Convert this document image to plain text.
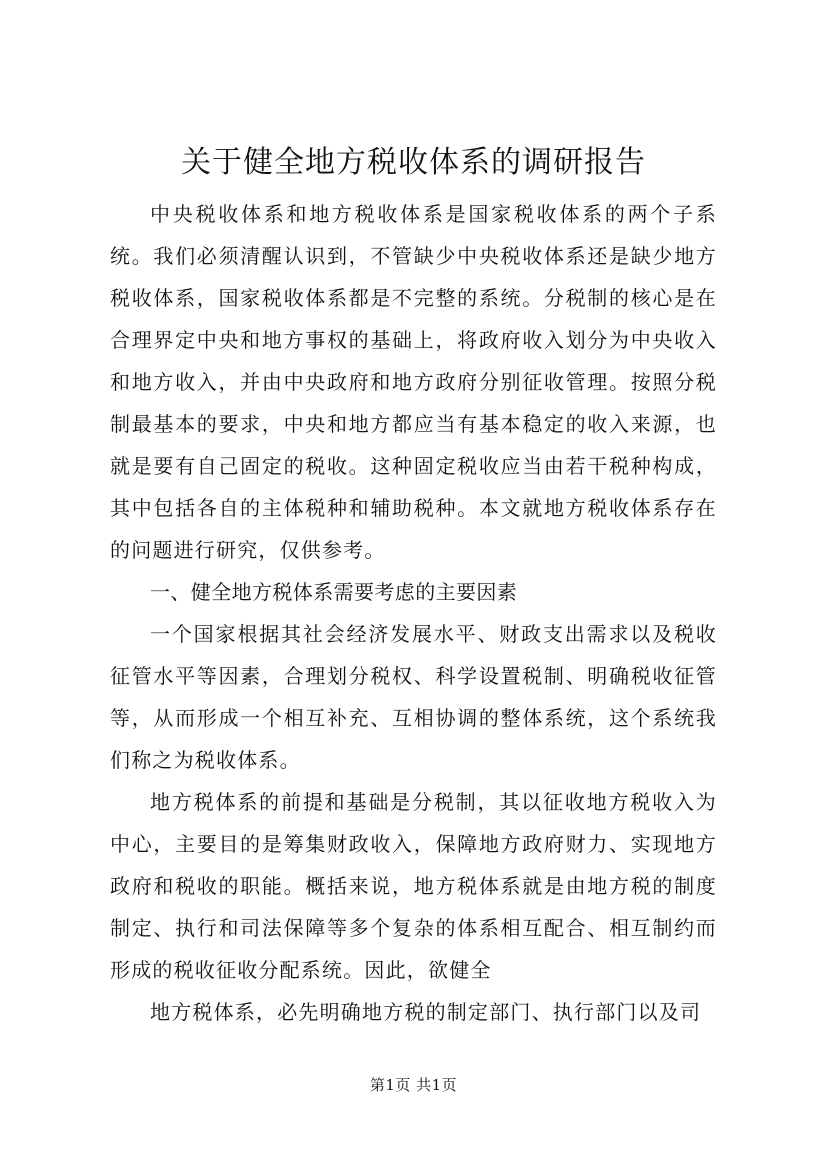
关于健全地方税收体系的调研报告

中央税收体系和地方税收体系是国家税收体系的两个子系统。我们必须清醒认识到，不管缺少中央税收体系还是缺少地方税收体系，国家税收体系都是不完整的系统。分税制的核心是在合理界定中央和地方事权的基础上，将政府收入划分为中央收入和地方收入，并由中央政府和地方政府分别征收管理。按照分税制最基本的要求，中央和地方都应当有基本稳定的收入来源，也就是要有自己固定的税收。这种固定税收应当由若干税种构成，其中包括各自的主体税种和辅助税种。本文就地方税收体系存在的问题进行研究，仅供参考。

一、健全地方税体系需要考虑的主要因素

一个国家根据其社会经济发展水平、财政支出需求以及税收征管水平等因素，合理划分税权、科学设置税制、明确税收征管等，从而形成一个相互补充、互相协调的整体系统，这个系统我们称之为税收体系。

地方税体系的前提和基础是分税制，其以征收地方税收入为中心，主要目的是筹集财政收入，保障地方政府财力、实现地方政府和税收的职能。概括来说，地方税体系就是由地方税的制度制定、执行和司法保障等多个复杂的体系相互配合、相互制约而形成的税收征收分配系统。因此，欲健全

地方税体系，必先明确地方税的制定部门、执行部门以及司

第1页 共1页
